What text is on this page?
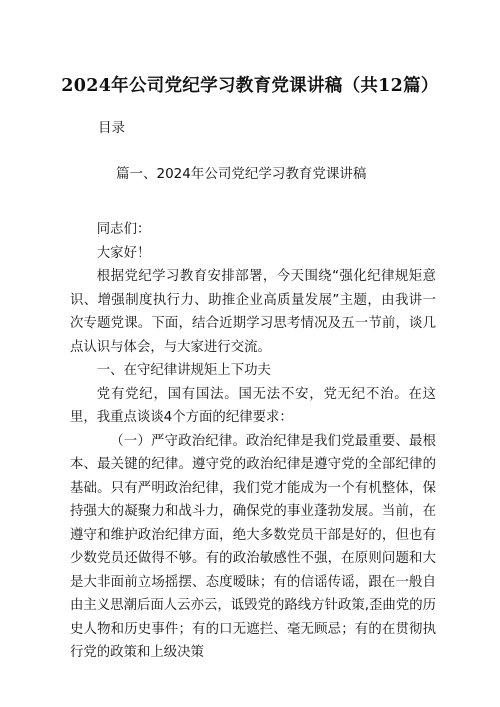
2024年公司党纪学习教育党课讲稿（共12篇）
目录
篇一、2024年公司党纪学习教育党课讲稿

同志们：

大家好！

根据党纪学习教育安排部署，今天围绕“强化纪律规矩意识、增强制度执行力、助推企业高质量发展”主题，由我讲一次专题党课。下面，结合近期学习思考情况及五一节前，谈几点认识与体会，与大家进行交流。

一、在守纪律讲规矩上下功夫

党有党纪，国有国法。国无法不安，党无纪不治。在这里，我重点谈谈4个方面的纪律要求：

（一）严守政治纪律。政治纪律是我们党最重要、最根本、最关键的纪律。遵守党的政治纪律是遵守党的全部纪律的基础。只有严明政治纪律，我们党才能成为一个有机整体，保持强大的凝聚力和战斗力，确保党的事业蓬勃发展。当前，在遵守和维护政治纪律方面，绝大多数党员干部是好的，但也有少数党员还做得不够。有的政治敏感性不强，在原则问题和大是大非面前立场摇摆、态度暧昧；有的信谣传谣，跟在一般自由主义思潮后面人云亦云，诋毁党的路线方针政策,歪曲党的历史人物和历史事件；有的口无遮拦、毫无顾忌；有的在贯彻执行党的政策和上级决策
